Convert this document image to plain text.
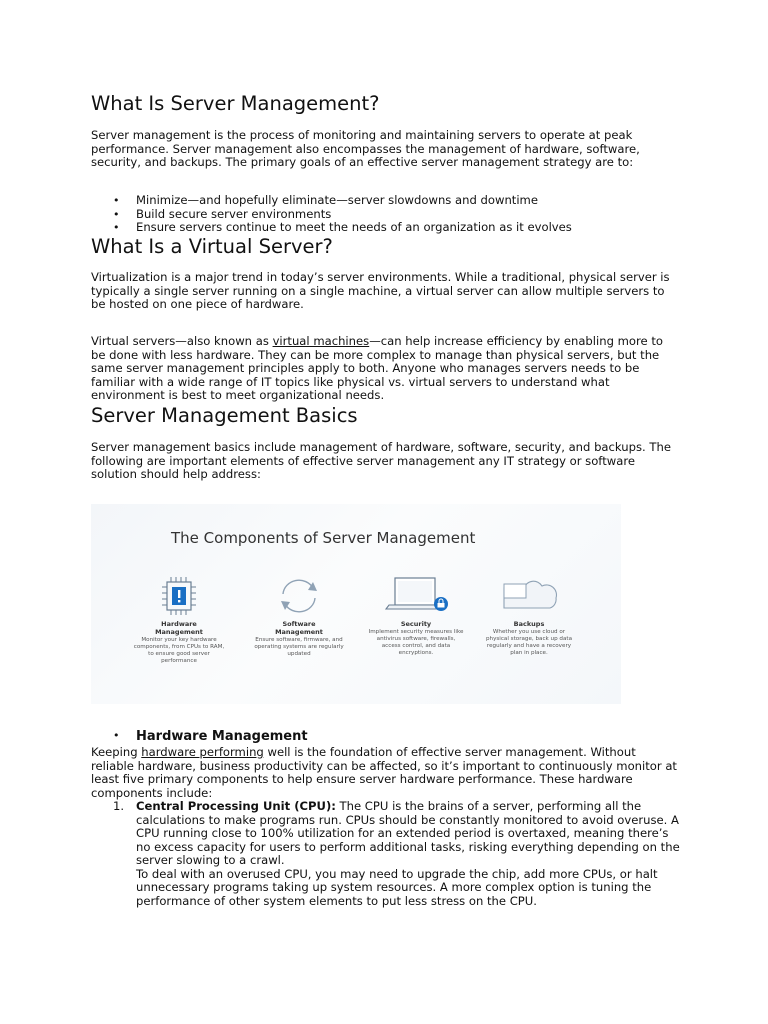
What Is Server Management?

Server management is the process of monitoring and maintaining servers to operate at peak performance. Server management also encompasses the management of hardware, software, security, and backups. The primary goals of an effective server management strategy are to:

• Minimize—and hopefully eliminate—server slowdowns and downtime
• Build secure server environments
• Ensure servers continue to meet the needs of an organization as it evolves
What Is a Virtual Server?

Virtualization is a major trend in today’s server environments. While a traditional, physical server is typically a single server running on a single machine, a virtual server can allow multiple servers to be hosted on one piece of hardware.

Virtual servers—also known as virtual machines—can help increase efficiency by enabling more to be done with less hardware. They can be more complex to manage than physical servers, but the same server management principles apply to both. Anyone who manages servers needs to be familiar with a wide range of IT topics like physical vs. virtual servers to understand what environment is best to meet organizational needs.

Server Management Basics

Server management basics include management of hardware, software, security, and backups. The following are important elements of effective server management any IT strategy or software solution should help address:

The Components of Server Management
Hardware
Management
Monitor your key hardware components, from CPUs to RAM, to ensure good server performance
Software
Management
Ensure software, firmware, and operating systems are regularly updated
Security
Implement security measures like antivirus software, firewalls, access control, and data encryptions.
Backups
Whether you use cloud or physical storage, back up data regularly and have a recovery plan in place.
• Hardware Management

Keeping hardware performing well is the foundation of effective server management. Without reliable hardware, business productivity can be affected, so it’s important to continuously monitor at least five primary components to help ensure server hardware performance. These hardware components include:

1. Central Processing Unit (CPU): The CPU is the brains of a server, performing all the calculations to make programs run. CPUs should be constantly monitored to avoid overuse. A CPU running close to 100% utilization for an extended period is overtaxed, meaning there’s no excess capacity for users to perform additional tasks, risking everything depending on the server slowing to a crawl.
To deal with an overused CPU, you may need to upgrade the chip, add more CPUs, or halt unnecessary programs taking up system resources. A more complex option is tuning the performance of other system elements to put less stress on the CPU.
